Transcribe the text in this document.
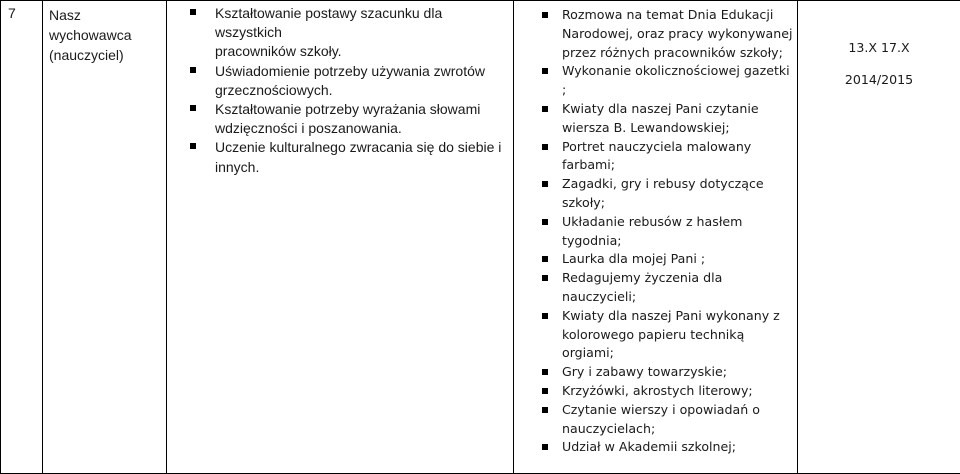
7	Nasz wychowawca
(nauczyciel)

Kształtowanie postawy szacunku dla wszystkich
pracowników szkoły.
Uświadomienie potrzeby używania zwrotów
grzecznościowych.
Kształtowanie potrzeby wyrażania słowami
wdzięczności i poszanowania.
Uczenie kulturalnego zwracania się do siebie i innych.

Rozmowa na temat Dnia Edukacji
Narodowej, oraz pracy wykonywanej
przez różnych pracowników szkoły;
Wykonanie okolicznościowej gazetki ;
Kwiaty dla naszej Pani czytanie
wiersza B. Lewandowskiej;
Portret nauczyciela malowany
farbami;
Zagadki, gry i rebusy dotyczące
szkoły;
Układanie rebusów z hasłem
tygodnia;
Laurka dla mojej Pani ;
Redagujemy życzenia dla nauczycieli;
Kwiaty dla naszej Pani wykonany z
kolorowego papieru techniką
orgiami;
Gry i zabawy towarzyskie;
Krzyżówki, akrostych literowy;
Czytanie wierszy i opowiadań o
nauczycielach;
Udział w Akademii szkolnej;

13.X 17.X
2014/2015
